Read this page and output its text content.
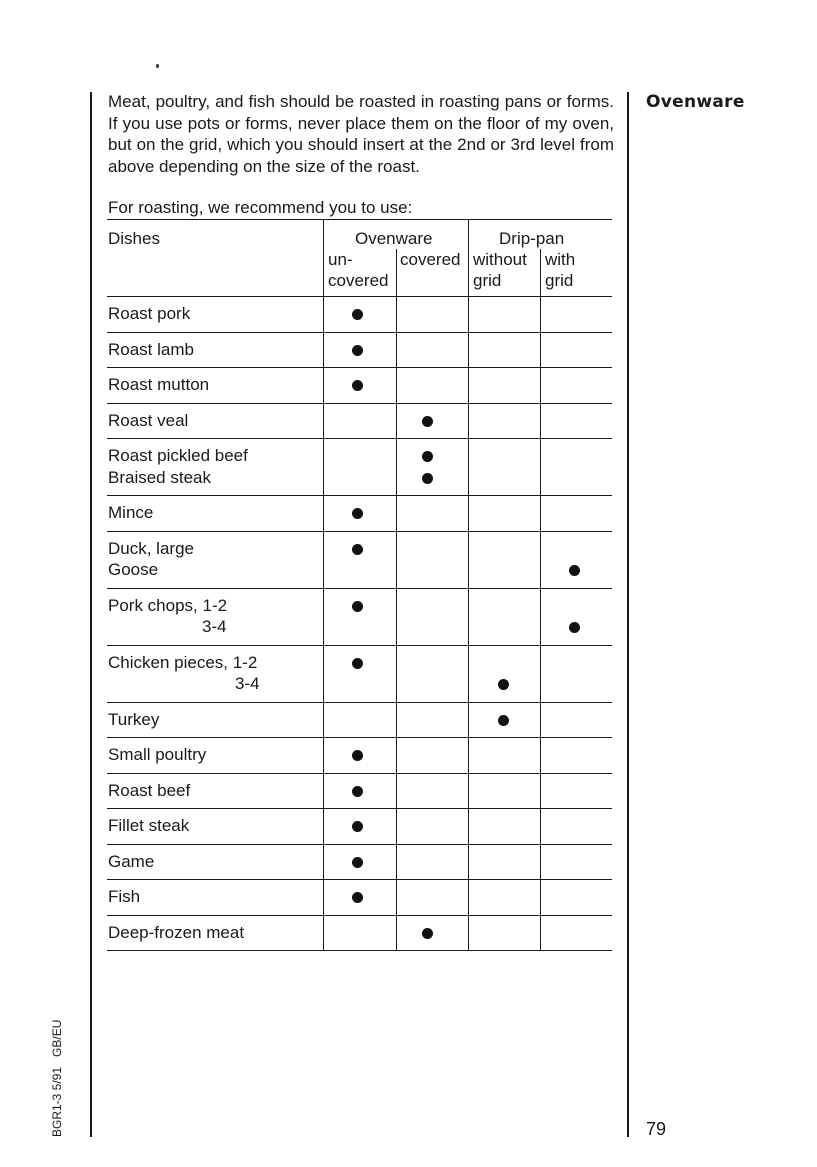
Ovenware
Meat, poultry, and fish should be roasted in roasting pans or forms. If you use pots or forms, never place them on the floor of my oven, but on the grid, which you should insert at the 2nd or 3rd level from above depending on the size of the roast.
For roasting, we recommend you to use:
Dishes	Ovenware	Drip-pan
un-
covered
covered without
grid
with
grid
Roast pork
Roast lamb
Roast mutton
Roast veal
Roast pickled beef
Braised steak
Mince
Duck, large
Goose
Pork chops, 1-2
3-4
Chicken pieces, 1-2
3-4
Turkey
Small poultry
Roast beef
Fillet steak
Game
Fish
Deep-frozen meat
79
BGR1-3 5/91GB/EU
